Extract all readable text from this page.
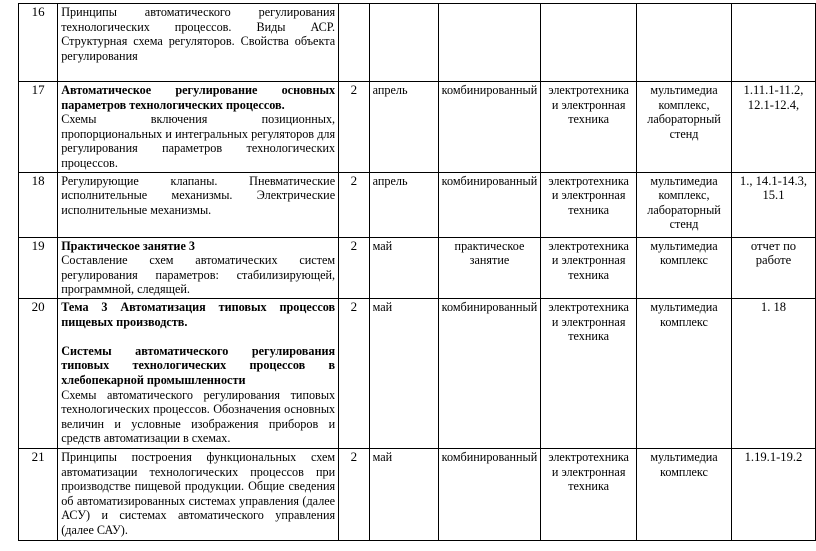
16	Принципы автоматического регулирования технологических процессов. Виды АСР. Структурная схема регуляторов. Свойства объекта регулирования						

17	Автоматическое регулирование основных параметров технологических процессов.
Схемы включения позиционных, пропорциональных и интегральных регуляторов для регулирования параметров технологических процессов.	2	апрель	комбинированный	электротехника и электронная техника	мультимедиа комплекс, лабораторный стенд	1.11.1-11.2, 12.1-12.4,
18	Регулирующие клапаны. Пневматические исполнительные механизмы. Электрические исполнительные механизмы.	2	апрель	комбинированный	электротехника и электронная техника	мультимедиа комплекс, лабораторный стенд	1., 14.1-14.3, 15.1
19	Практическое занятие 3
Составление схем автоматических систем регулирования параметров: стабилизирующей, программной, следящей.	2	май	практическое занятие	электротехника и электронная техника	мультимедиа комплекс	отчет по работе
20	Тема 3 Автоматизация типовых процессов пищевых производств.
Системы автоматического регулирования типовых технологических процессов в хлебопекарной промышленности
Схемы автоматического регулирования типовых технологических процессов. Обозначения основных величин и условные изображения приборов и средств автоматизации в схемах.	2	май	комбинированный	электротехника и электронная техника	мультимедиа комплекс	1. 18
21	Принципы построения функциональных схем автоматизации технологических процессов при производстве пищевой продукции. Общие сведения об автоматизированных системах управления (далее АСУ) и системах автоматического управления (далее САУ).	2	май	комбинированный	электротехника и электронная техника	мультимедиа комплекс	1.19.1-19.2
